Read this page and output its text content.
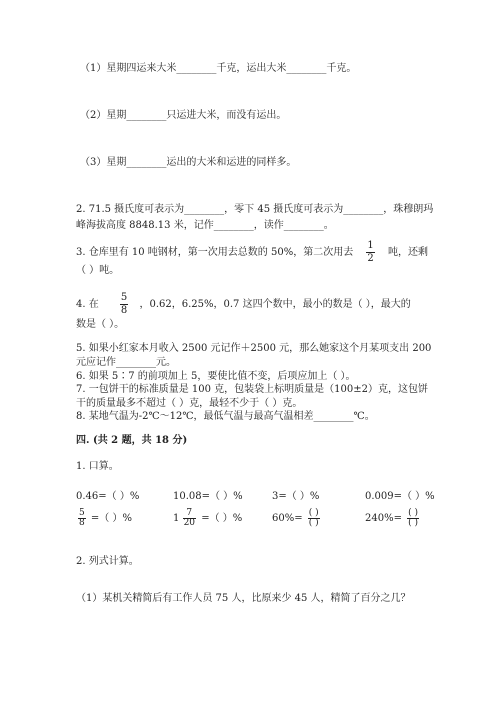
（1）星期四运来大米________千克，运出大米________千克。
（2）星期________只运进大米，而没有运出。
（3）星期________运出的大米和运进的同样多。
2. 71.5 摄氏度可表示为________，零下 45 摄氏度可表示为________，珠穆朗玛
峰海拔高度 8848.13 米，记作________，读作________。
3. 仓库里有 10 吨钢材，第一次用去总数的 50%，第二次用去 $\frac{1}{2}$ 吨，还剩
（ ）吨。
4. 在 $\frac{5}{8}$ ，0.62，6.25%，0.7 这四个数中，最小的数是（ ），最大的
数是（ ）。
5. 如果小红家本月收入 2500 元记作＋2500 元，那么她家这个月某项支出 200
元应记作________元。
6. 如果 5∶7 的前项加上 5，要使比值不变，后项应加上（ ）。
7. 一包饼干的标准质量是 100 克，包装袋上标明质量是（100±2）克，这包饼
干的质量最多不超过（ ）克，最轻不少于（ ）克。
8. 某地气温为-2℃～12℃，最低气温与最高气温相差________℃。
四. (共 2 题，共 18 分)
1. 口算。
0.46=（ ）%	10.08=（ ）%	3=（ ）%	0.009=（ ）%
$\frac{5}{8}$ =（ ）%	$1 \frac{7}{20}$ =（ ）%	$60\%= \frac{( )}{( )}$	$240\%= \frac{( )}{( )}$
2. 列式计算。
（1）某机关精简后有工作人员 75 人，比原来少 45 人，精简了百分之几？
